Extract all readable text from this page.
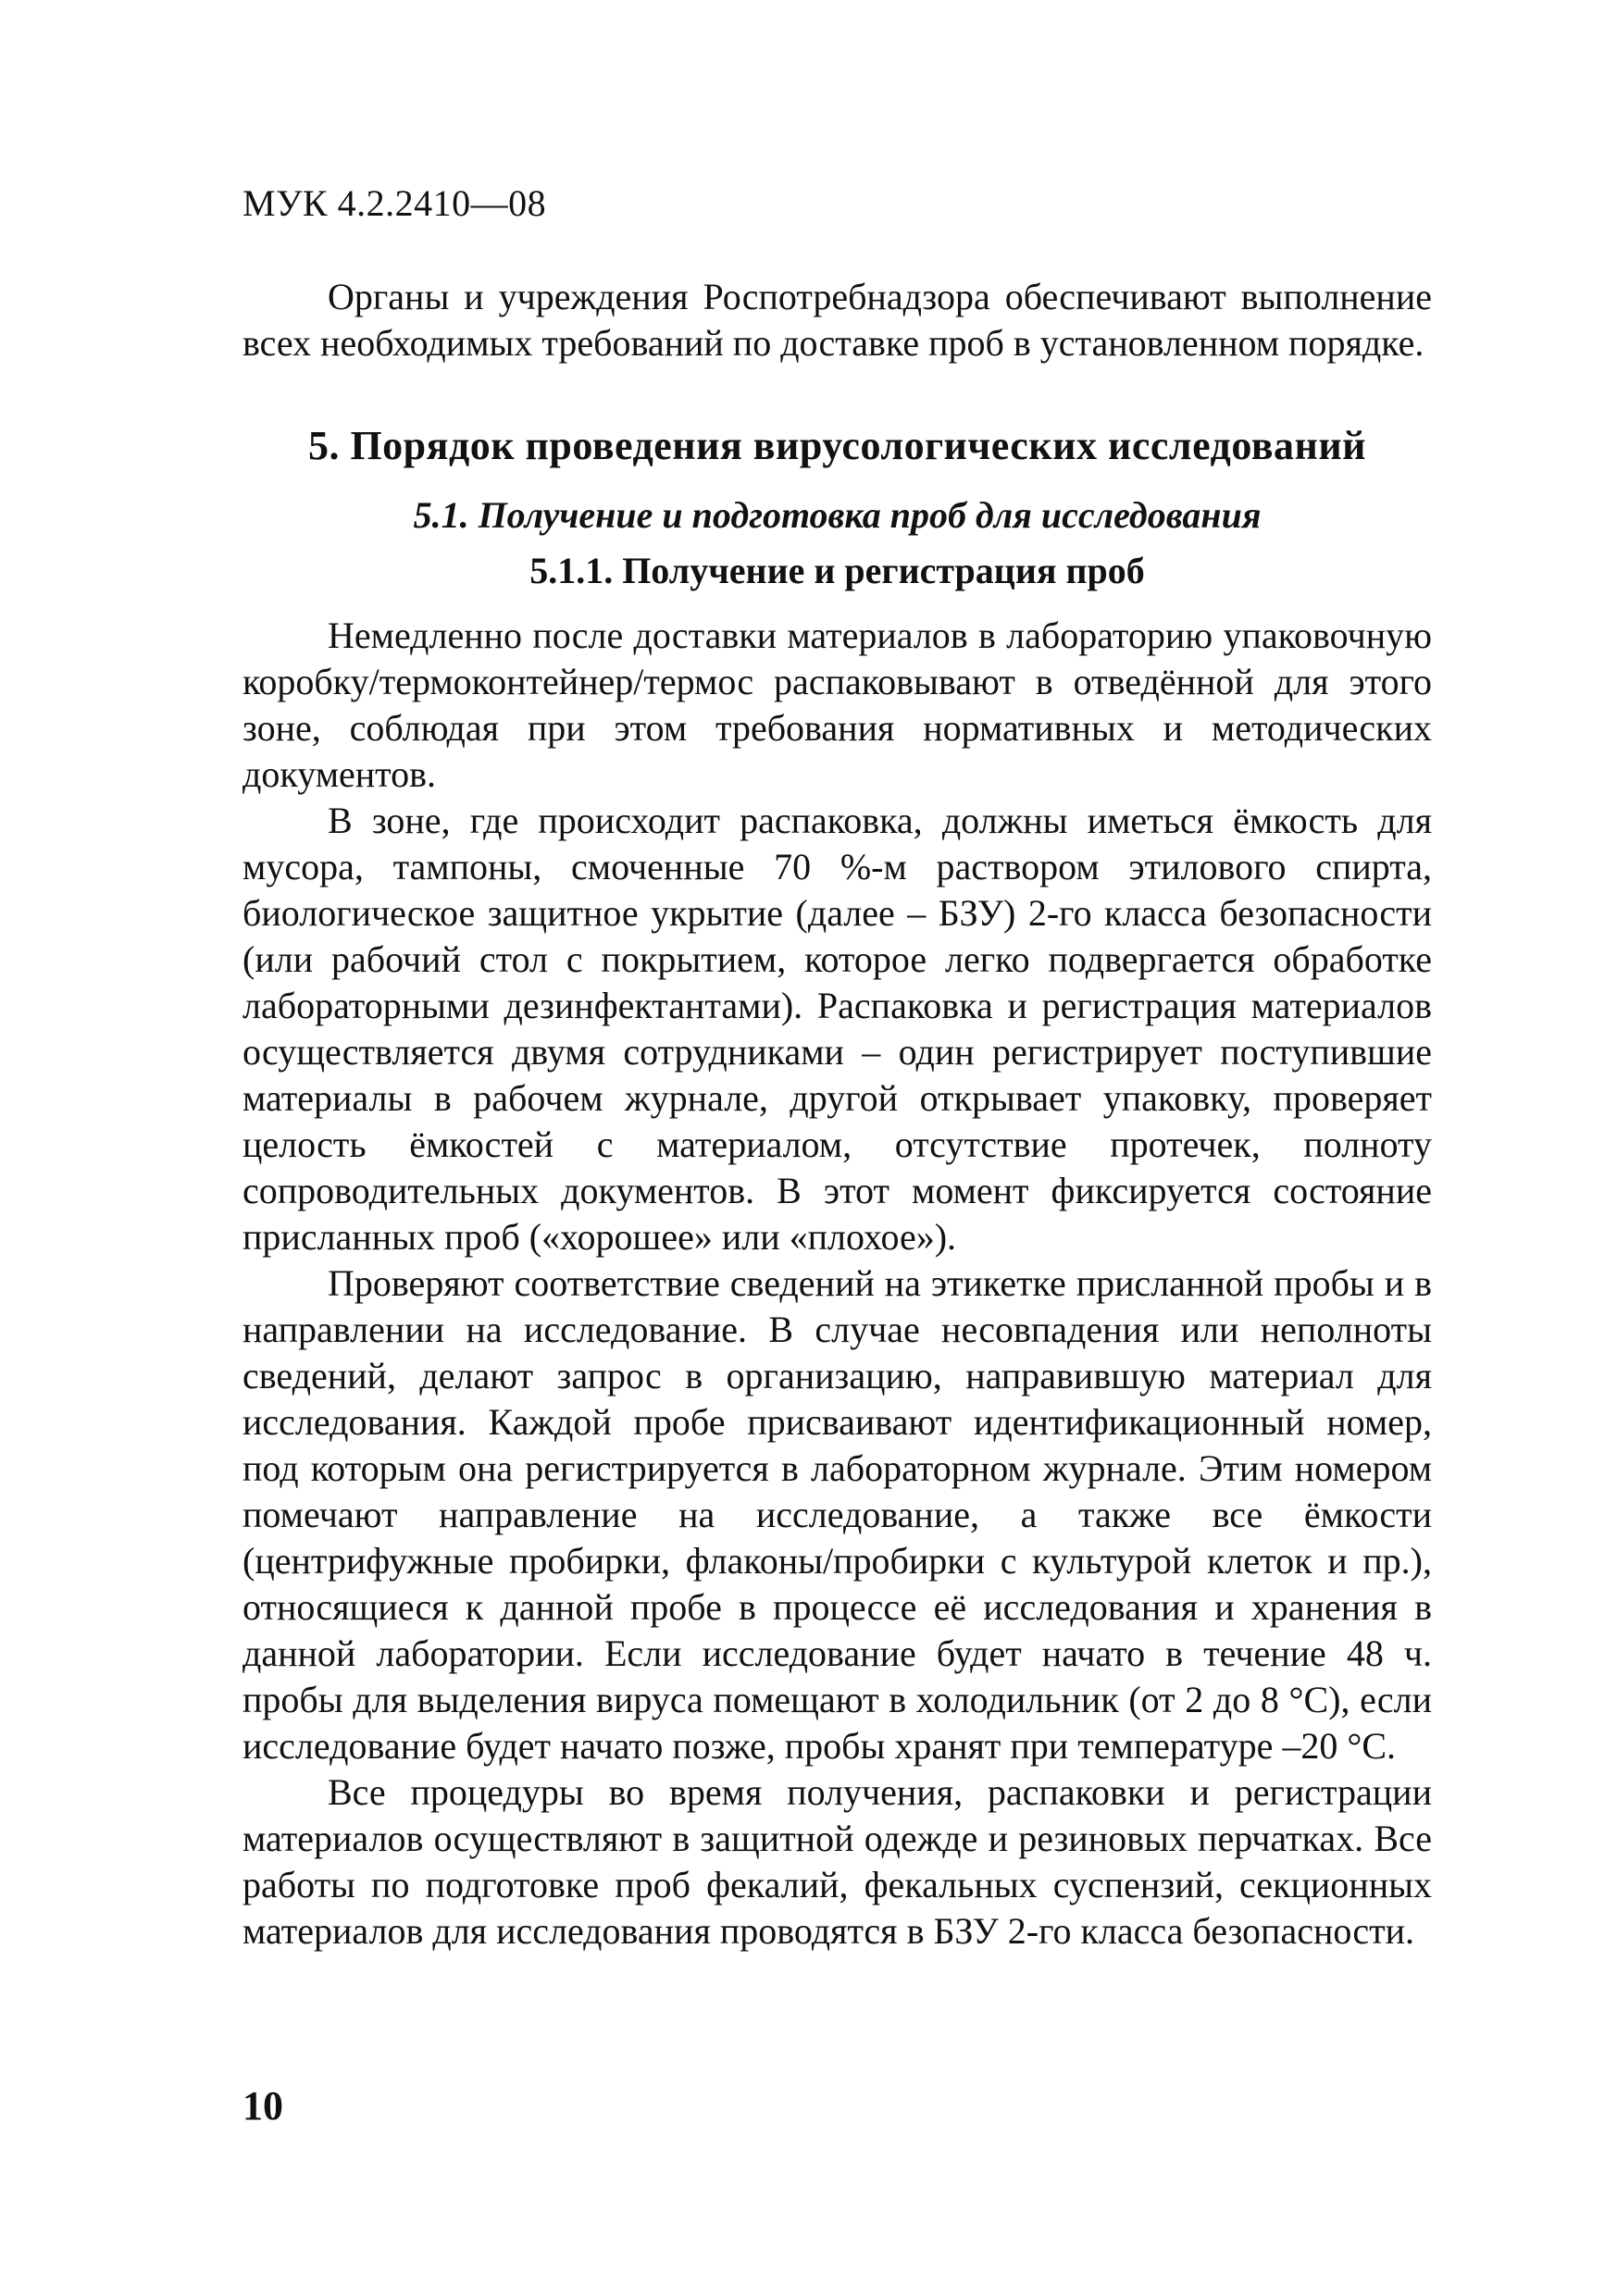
МУК 4.2.2410—08

Органы и учреждения Роспотребнадзора обеспечивают выполнение всех необходимых требований по доставке проб в установленном порядке.

5. Порядок проведения вирусологических исследований
5.1. Получение и подготовка проб для исследования
5.1.1. Получение и регистрация проб

Немедленно после доставки материалов в лабораторию упаковочную коробку/термоконтейнер/термос распаковывают в отведённой для этого зоне, соблюдая при этом требования нормативных и методических документов.

В зоне, где происходит распаковка, должны иметься ёмкость для мусора, тампоны, смоченные 70 %-м раствором этилового спирта, биологическое защитное укрытие (далее – БЗУ) 2-го класса безопасности (или рабочий стол с покрытием, которое легко подвергается обработке лабораторными дезинфектантами). Распаковка и регистрация материалов осуществляется двумя сотрудниками – один регистрирует поступившие материалы в рабочем журнале, другой открывает упаковку, проверяет целость ёмкостей с материалом, отсутствие протечек, полноту сопроводительных документов. В этот момент фиксируется состояние присланных проб («хорошее» или «плохое»).

Проверяют соответствие сведений на этикетке присланной пробы и в направлении на исследование. В случае несовпадения или неполноты сведений, делают запрос в организацию, направившую материал для исследования. Каждой пробе присваивают идентификационный номер, под которым она регистрируется в лабораторном журнале. Этим номером помечают направление на исследование, а также все ёмкости (центрифужные пробирки, флаконы/пробирки с культурой клеток и пр.), относящиеся к данной пробе в процессе её исследования и хранения в данной лаборатории. Если исследование будет начато в течение 48 ч. пробы для выделения вируса помещают в холодильник (от 2 до 8 °С), если исследование будет начато позже, пробы хранят при температуре –20 °С.

Все процедуры во время получения, распаковки и регистрации материалов осуществляют в защитной одежде и резиновых перчатках. Все работы по подготовке проб фекалий, фекальных суспензий, секционных материалов для исследования проводятся в БЗУ 2-го класса безопасности.

10
